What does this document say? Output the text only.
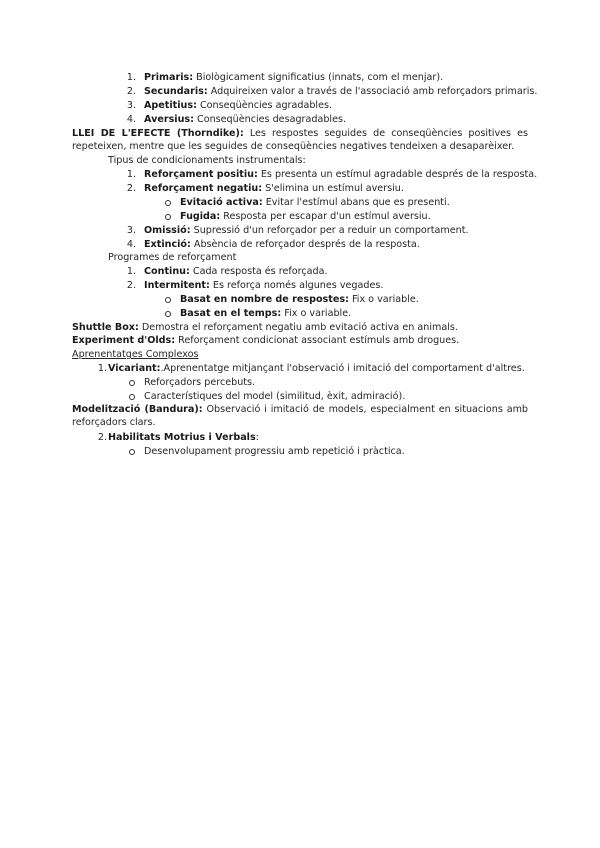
1. Primaris: Biològicament significatius (innats, com el menjar).
2. Secundaris: Adquireixen valor a través de l'associació amb reforçadors primaris.
3. Apetitius: Conseqüències agradables.
4. Aversius: Conseqüències desagradables.
LLEI DE L'EFECTE (Thorndike): Les respostes seguides de conseqüències positives es repeteixen, mentre que les seguides de conseqüències negatives tendeixen a desaparèixer.
Tipus de condicionaments instrumentals:
1. Reforçament positiu: Es presenta un estímul agradable després de la resposta.
2. Reforçament negatiu: S'elimina un estímul aversiu.
Evitació activa: Evitar l'estímul abans que es presenti.
Fugida: Resposta per escapar d'un estímul aversiu.
3. Omissió: Supressió d'un reforçador per a reduir un comportament.
4. Extinció: Absència de reforçador després de la resposta.
Programes de reforçament
1. Continu: Cada resposta és reforçada.
2. Intermitent: Es reforça només algunes vegades.
Basat en nombre de respostes: Fix o variable.
Basat en el temps: Fix o variable.
Shuttle Box: Demostra el reforçament negatiu amb evitació activa en animals.
Experiment d'Olds: Reforçament condicionat associant estímuls amb drogues.
Aprenentatges Complexos
1. Vicariant:.Aprenentatge mitjançant l'observació i imitació del comportament d'altres.
Reforçadors percebuts.
Característiques del model (similitud, èxit, admiració).
Modelització (Bandura): Observació i imitació de models, especialment en situacions amb reforçadors clars.
2. Habilitats Motrius i Verbals:
Desenvolupament progressiu amb repetició i pràctica.
